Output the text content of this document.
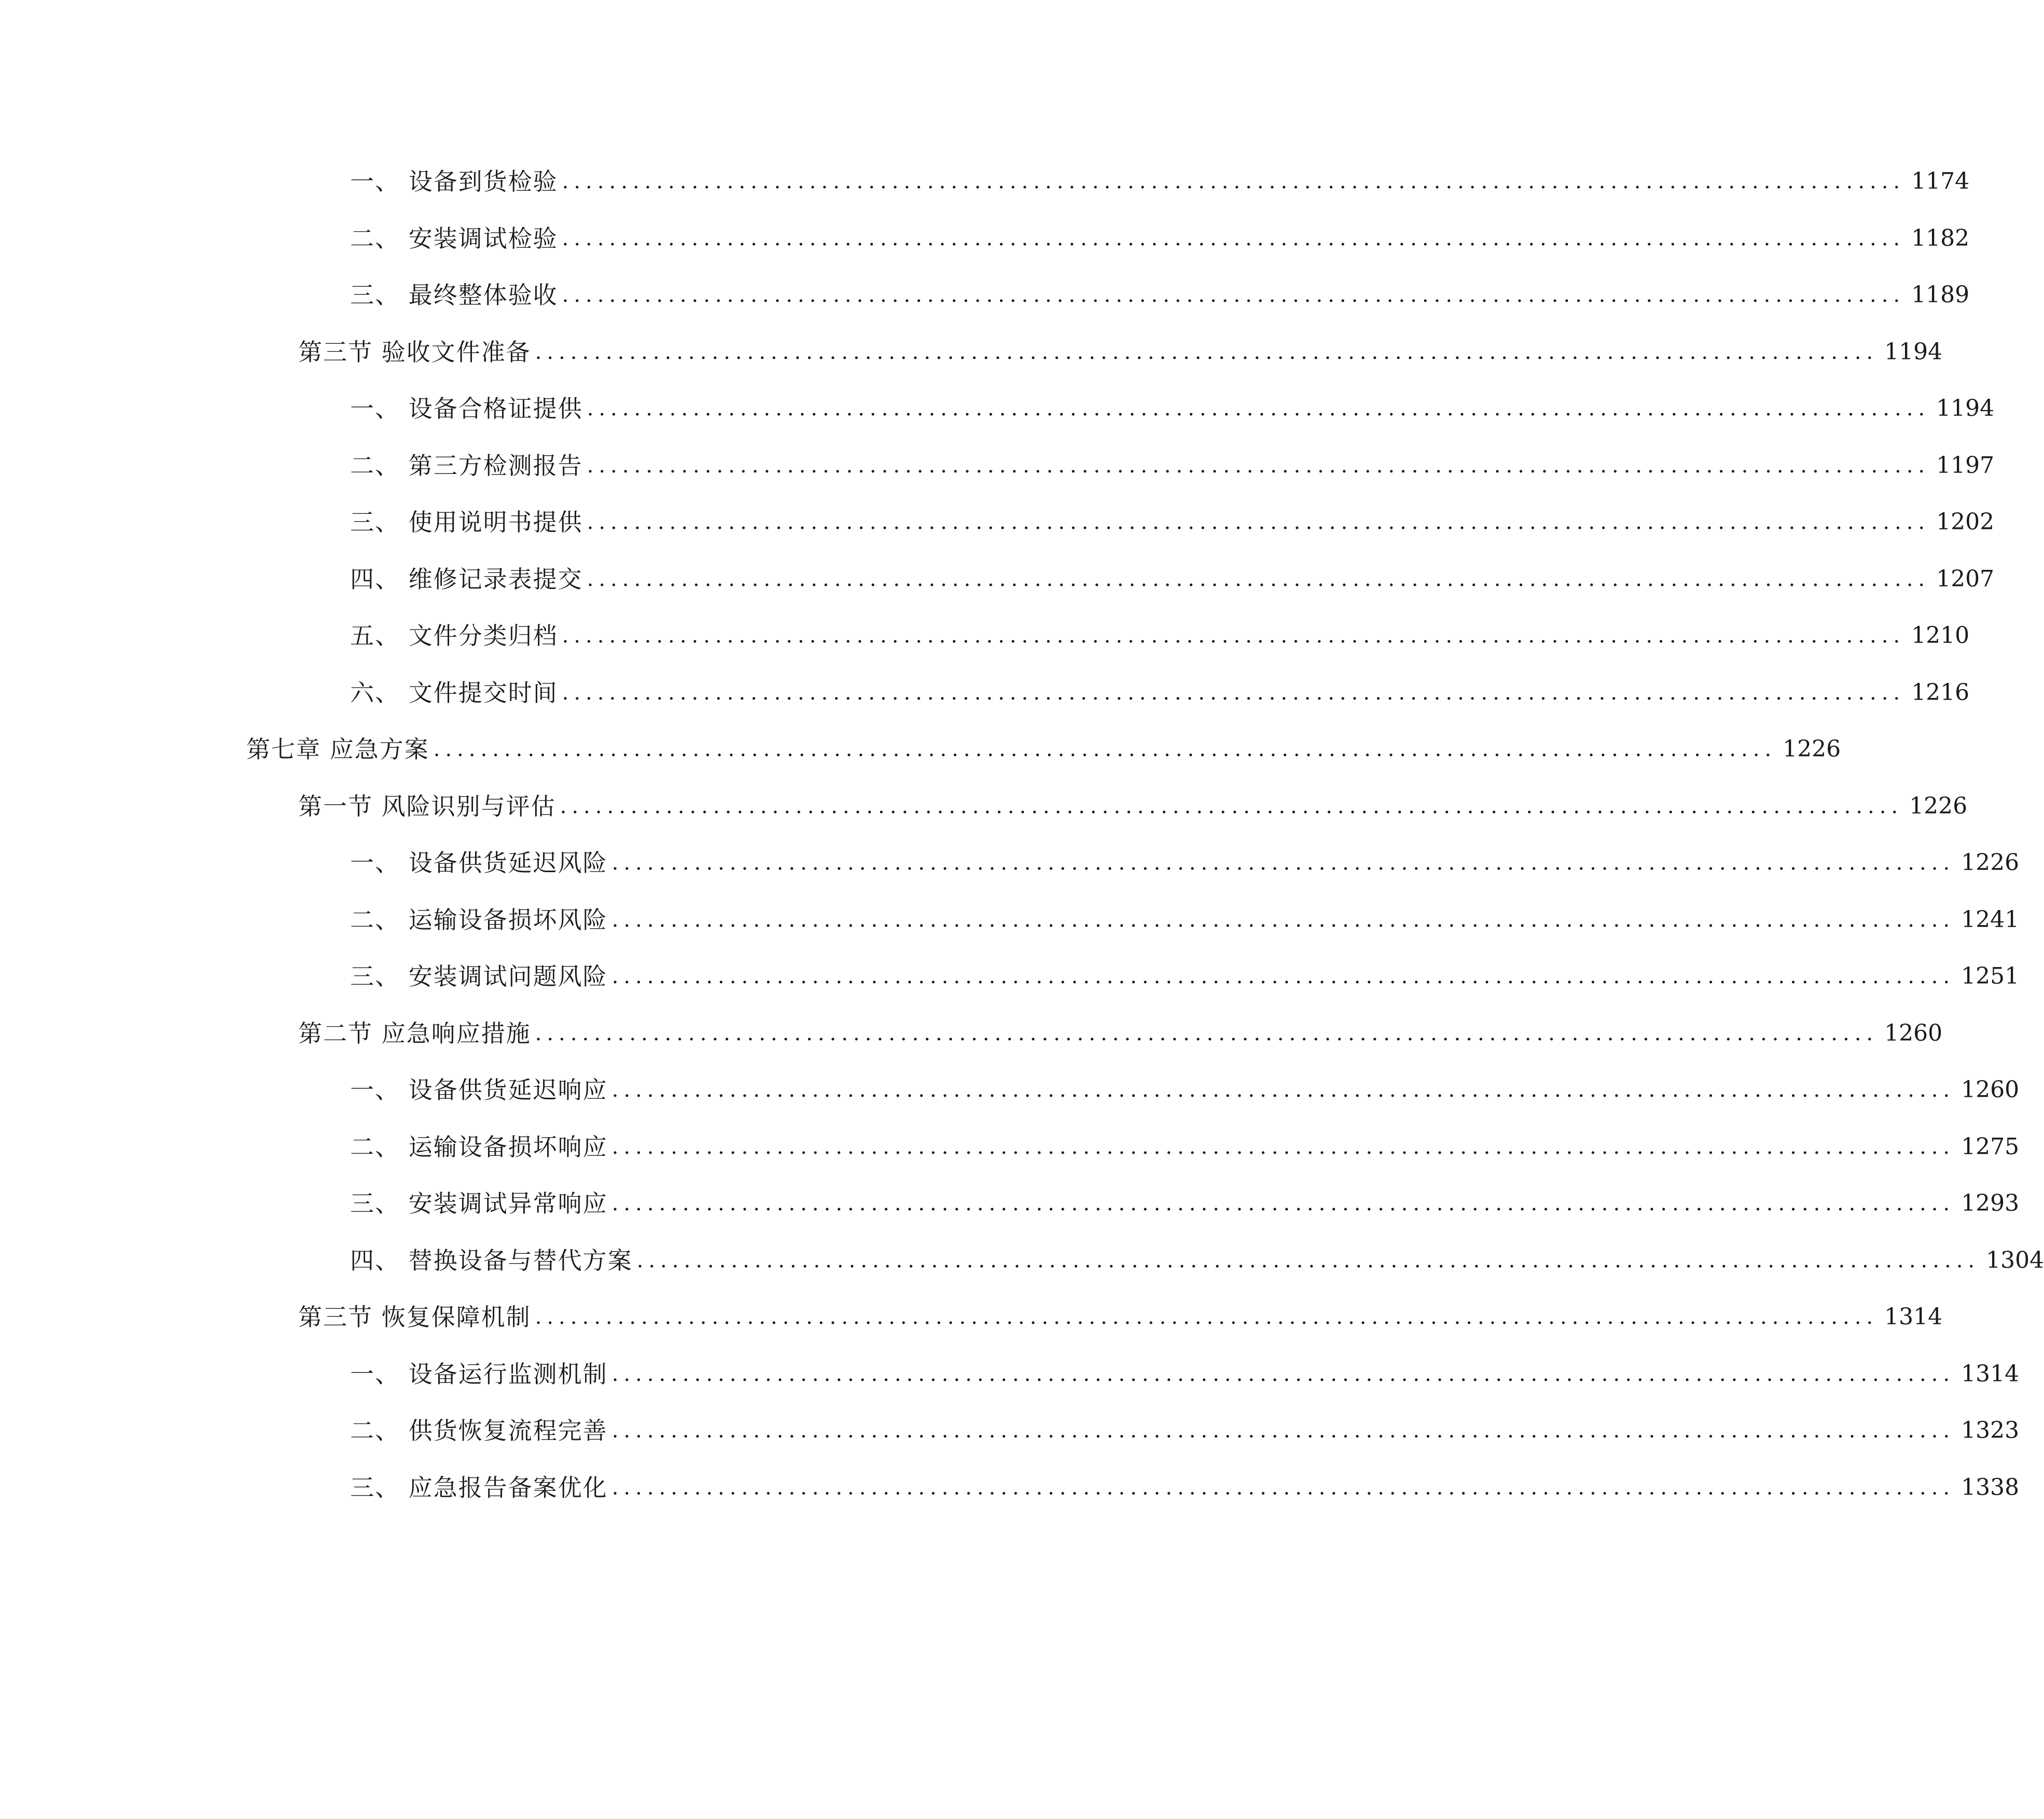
一、 设备到货检验 .................................................................................................................. 1174
二、 安装调试检验 .................................................................................................................. 1182
三、 最终整体验收 .................................................................................................................. 1189
第三节 验收文件准备 .................................................................................................................. 1194
一、 设备合格证提供 .................................................................................................................. 1194
二、 第三方检测报告 .................................................................................................................. 1197
三、 使用说明书提供 .................................................................................................................. 1202
四、 维修记录表提交 .................................................................................................................. 1207
五、 文件分类归档 .................................................................................................................. 1210
六、 文件提交时间 .................................................................................................................. 1216
第七章 应急方案 .................................................................................................................. 1226
第一节 风险识别与评估 .................................................................................................................. 1226
一、 设备供货延迟风险 .................................................................................................................. 1226
二、 运输设备损坏风险 .................................................................................................................. 1241
三、 安装调试问题风险 .................................................................................................................. 1251
第二节 应急响应措施 .................................................................................................................. 1260
一、 设备供货延迟响应 .................................................................................................................. 1260
二、 运输设备损坏响应 .................................................................................................................. 1275
三、 安装调试异常响应 .................................................................................................................. 1293
四、 替换设备与替代方案 .................................................................................................................. 1304
第三节 恢复保障机制 .................................................................................................................. 1314
一、 设备运行监测机制 .................................................................................................................. 1314
二、 供货恢复流程完善 .................................................................................................................. 1323
三、 应急报告备案优化 .................................................................................................................. 1338
